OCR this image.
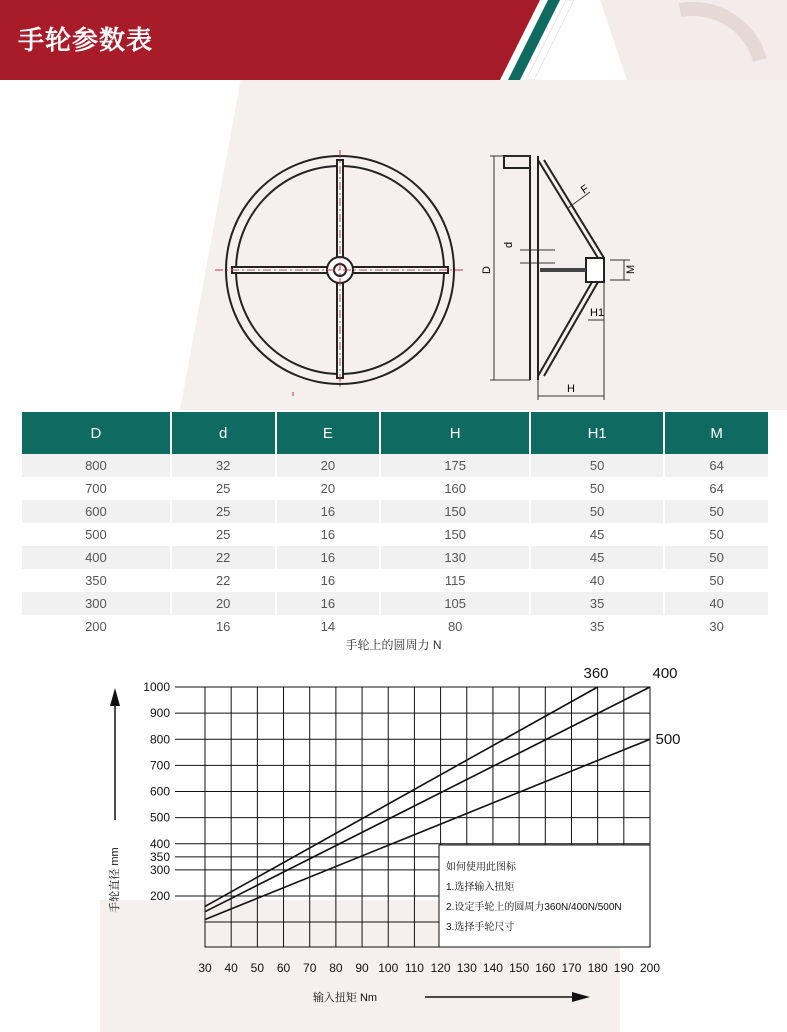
手轮参数表
F
d
D	M
H1
H
D	d	E	H	H1	M
800	32	20	175	50	64
700	25	20	160	50	64
600	25	16	150	50	50
500	25	16	150	45	50
400	22	16	130	45	50
350	22	16	115	40	50
300	20	16	105	35	40
200	16	14	80	35	30
手轮上的圆周力 N
30 40 50 60 70 80 90 100 110 120 130 140 150 160 170 180 190 200
200
300
350
400
500
600
700
800
900
1000
360	400
500
如何使用此图标
1.选择输入扭矩
2.设定手轮上的圆周力360N/400N/500N
3.选择手轮尺寸
手轮直径 mm
输入扭矩 Nm
